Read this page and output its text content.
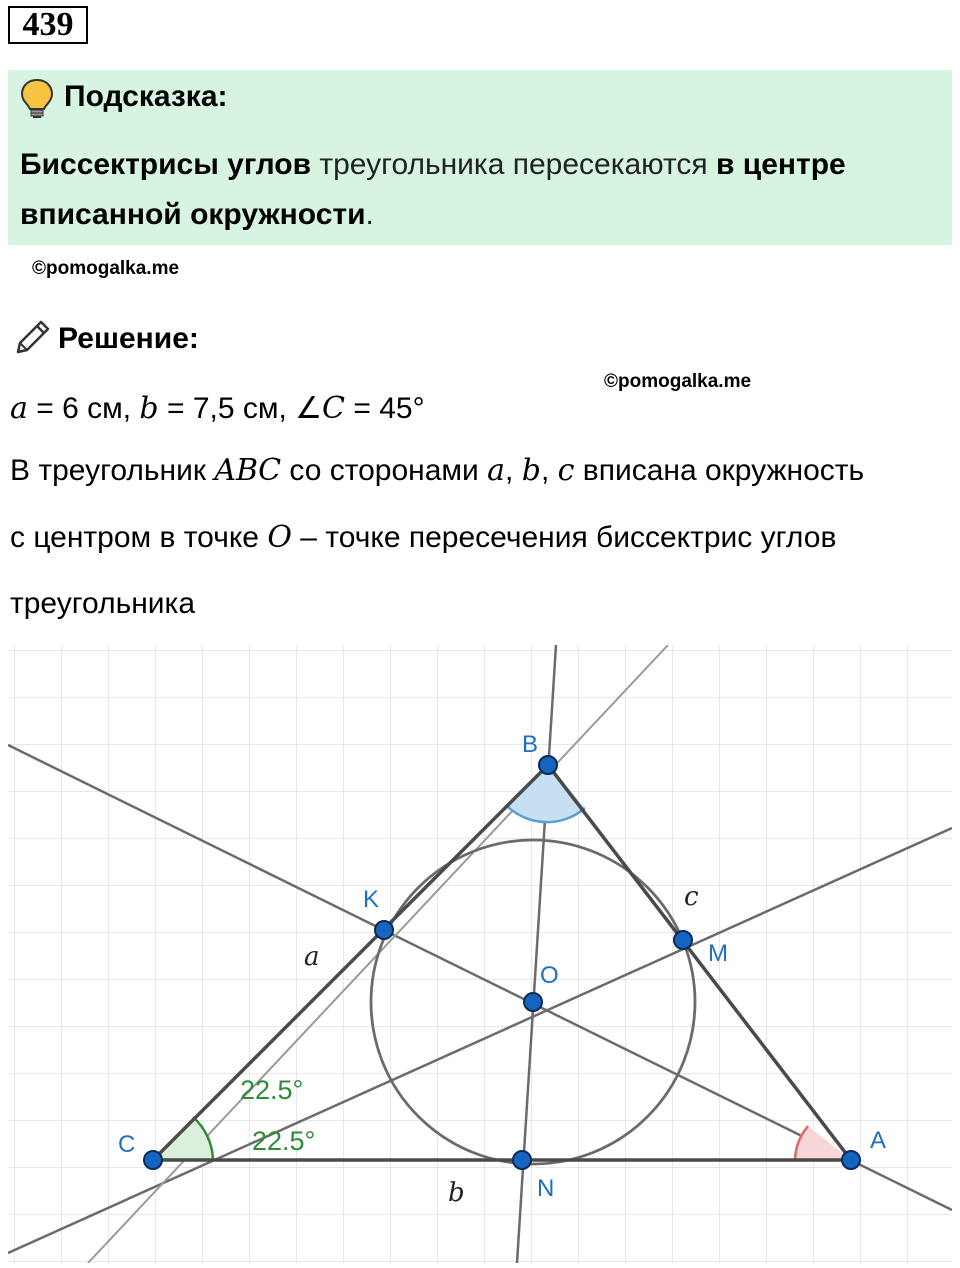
439
Подсказка:
Биссектрисы углов треугольника пересекаются в центре
вписанной окружности.
©pomogalka.me
Решение:
©pomogalka.me
𝑎 = 6 см, 𝑏 = 7,5 см, ∠𝐶 = 45°
В треугольник 𝐴𝐵𝐶 со сторонами 𝑎, 𝑏, 𝑐 вписана окружность
с центром в точке 𝑂 – точке пересечения биссектрис углов
треугольника
A
B
C
K
M
N
O
a
b
c
22.5°
22.5°
